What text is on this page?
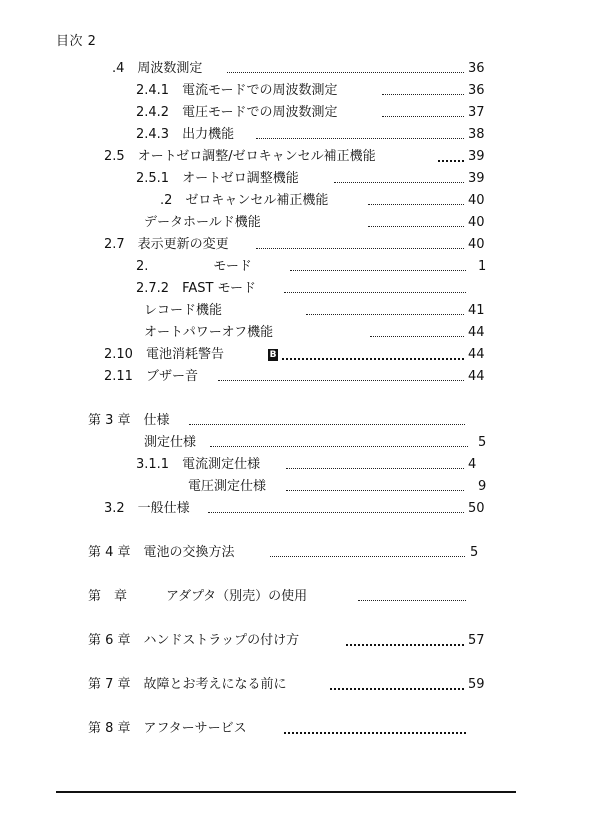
目次 2
.4　周波数測定	36
2.4.1　電流モードでの周波数測定	36
2.4.2　電圧モードでの周波数測定	37
2.4.3　出力機能	38
2.5　オートゼロ調整/ゼロキャンセル補正機能	39
2.5.1　オートゼロ調整機能	39
.2　ゼロキャンセル補正機能	40
データホールド機能	40
2.7　表示更新の変更	40
2.　　　　　モード	1
2.7.2　FAST モード
レコード機能	41
オートパワーオフ機能	44
2.10　電池消耗警告	B	44
2.11　ブザー音	44
第 3 章　仕様
測定仕様	5
3.1.1　電流測定仕様	4
電圧測定仕様	9
3.2　一般仕様	50
第 4 章　電池の交換方法	5
第　章　　　アダプタ（別売）の使用
第 6 章　ハンドストラップの付け方	57
第 7 章　故障とお考えになる前に	59
第 8 章　アフターサービス
